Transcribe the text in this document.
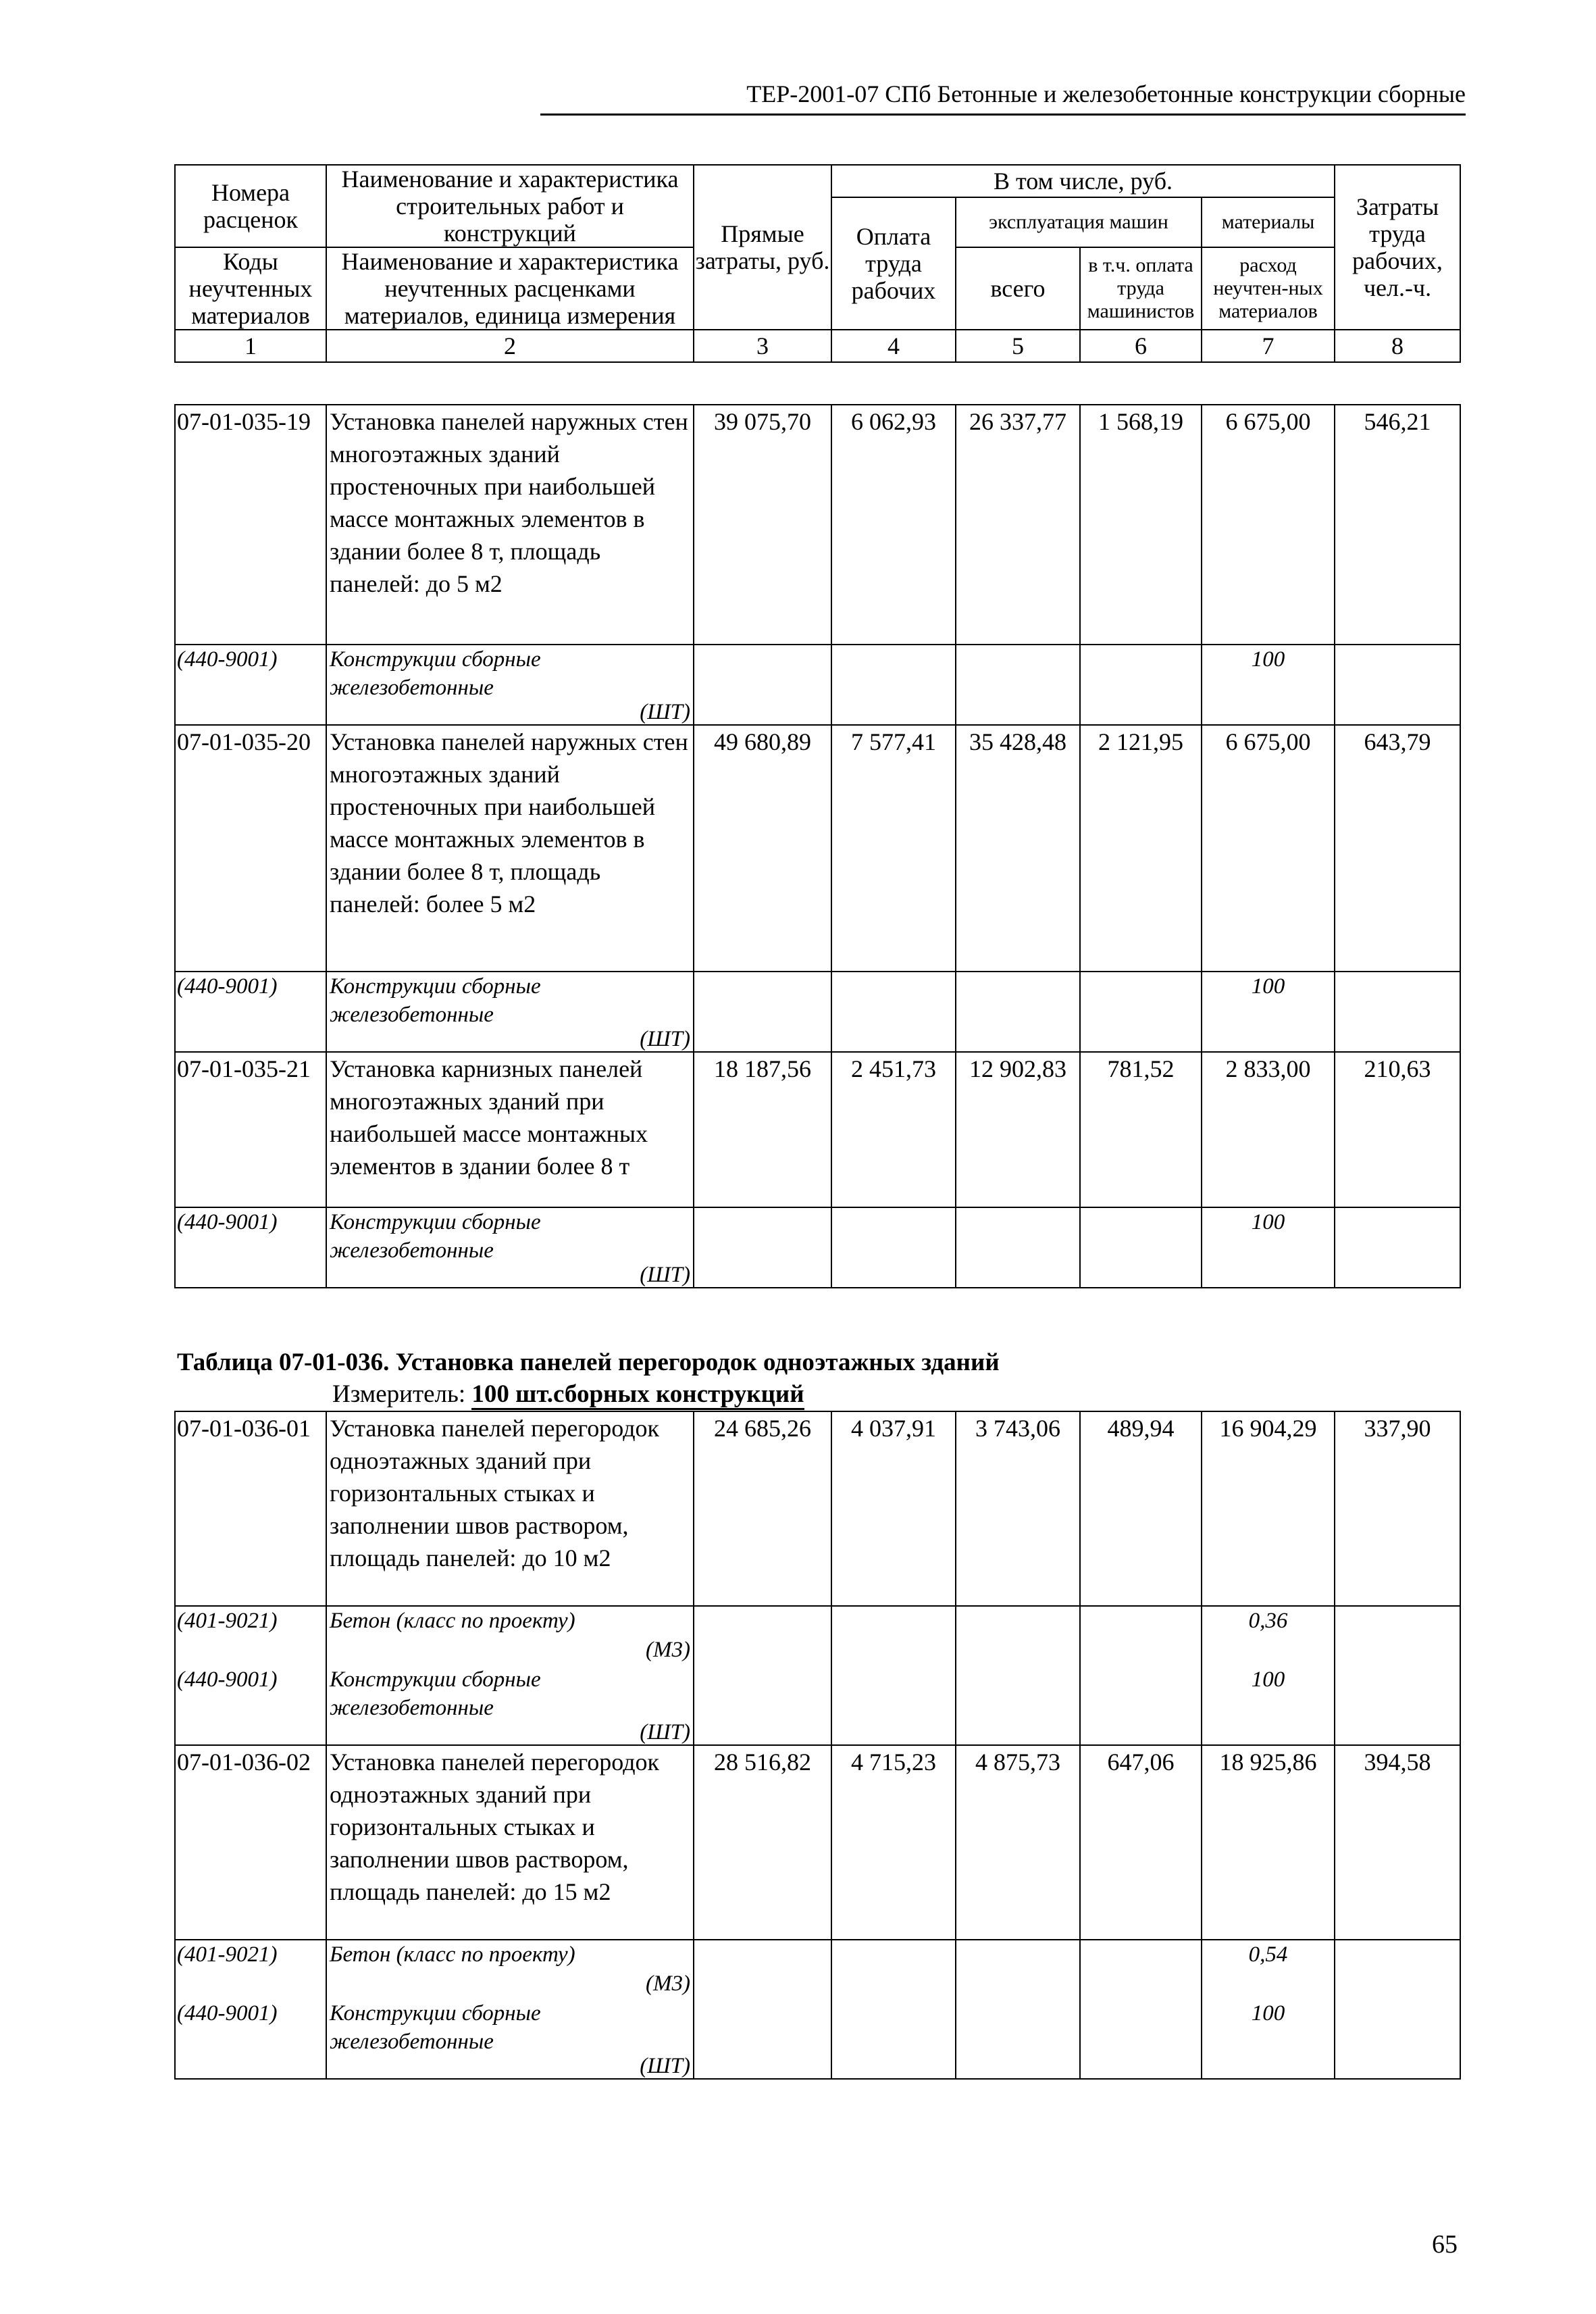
ТЕР-2001-07 СПб Бетонные и железобетонные конструкции сборные
Номера расценок	Наименование и характеристика строительных работ и конструкций	Прямые затраты, руб.	В том числе, руб.				Затраты труда рабочих, чел.-ч.
			Оплата труда рабочих	эксплуатация машин		материалы	
Коды неучтенных материалов	Наименование и характеристика неучтенных расценками материалов, единица измерения			всего	в т.ч. оплата труда машинистов	расход неучтен-ных материалов	

1	2	3	4	5	6	7	8
07-01-035-19	Установка панелей наружных стен многоэтажных зданий простеночных при наибольшей массе монтажных элементов в здании более 8 т, площадь панелей: до 5 м2	39 075,70	6 062,93	26 337,77	1 568,19	6 675,00	546,21
(440-9001)	Конструкции сборные железобетонные					100	
	(ШТ)						
07-01-035-20	Установка панелей наружных стен многоэтажных зданий простеночных при наибольшей массе монтажных элементов в здании более 8 т, площадь панелей: более 5 м2	49 680,89	7 577,41	35 428,48	2 121,95	6 675,00	643,79
(440-9001)	Конструкции сборные железобетонные					100	
	(ШТ)						
07-01-035-21	Установка карнизных панелей многоэтажных зданий при наибольшей массе монтажных элементов в здании более 8 т	18 187,56	2 451,73	12 902,83	781,52	2 833,00	210,63
(440-9001)	Конструкции сборные железобетонные					100	
	(ШТ)						
Таблица 07-01-036. Установка панелей перегородок одноэтажных зданий
Измеритель: 100 шт.сборных конструкций
07-01-036-01	Установка панелей перегородок одноэтажных зданий при горизонтальных стыках и заполнении швов раствором, площадь панелей: до 10 м2	24 685,26	4 037,91	3 743,06	489,94	16 904,29	337,90
(401-9021)	Бетон (класс по проекту)					0,36	
	(М3)						
(440-9001)	Конструкции сборные железобетонные					100	
	(ШТ)						
07-01-036-02	Установка панелей перегородок одноэтажных зданий при горизонтальных стыках и заполнении швов раствором, площадь панелей: до 15 м2	28 516,82	4 715,23	4 875,73	647,06	18 925,86	394,58
(401-9021)	Бетон (класс по проекту)					0,54	
	(М3)						
(440-9001)	Конструкции сборные железобетонные					100	
	(ШТ)						
65
